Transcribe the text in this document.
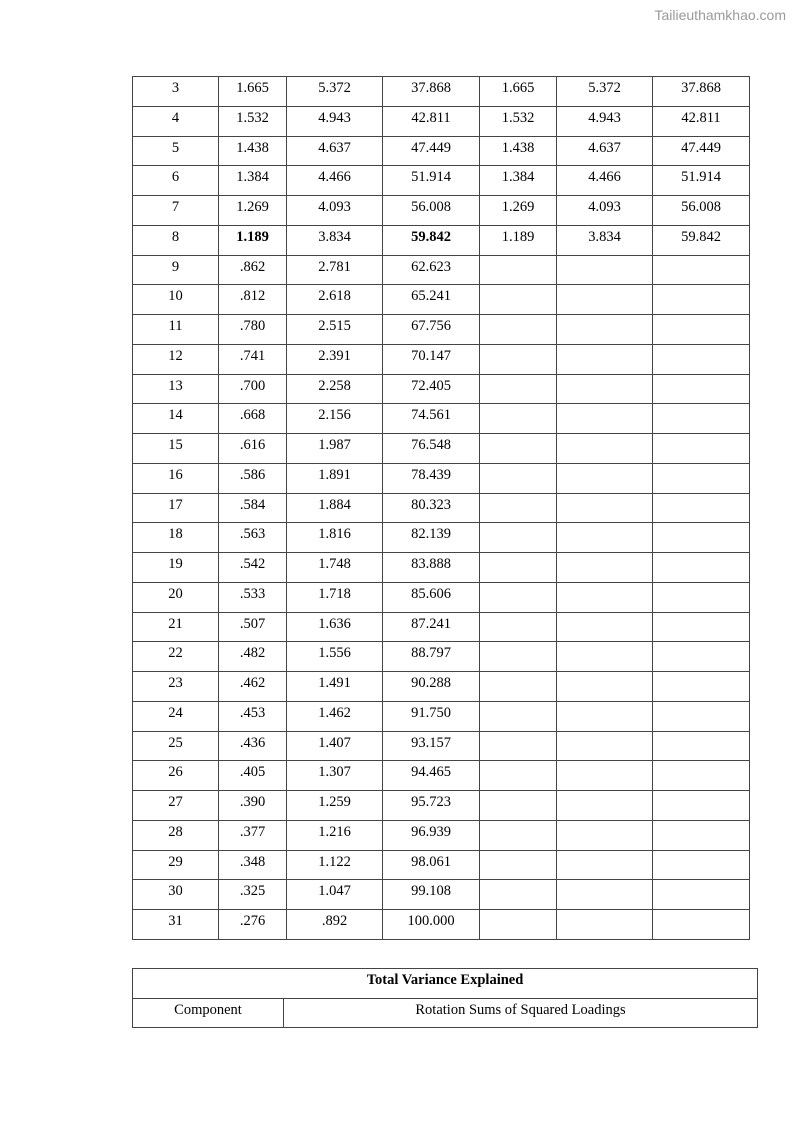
Tailieuthamkhao.com
3	1.665	5.372	37.868	1.665	5.372	37.868
4	1.532	4.943	42.811	1.532	4.943	42.811
5	1.438	4.637	47.449	1.438	4.637	47.449
6	1.384	4.466	51.914	1.384	4.466	51.914
7	1.269	4.093	56.008	1.269	4.093	56.008
8	1.189	3.834	59.842	1.189	3.834	59.842
9	.862	2.781	62.623			
10	.812	2.618	65.241			
11	.780	2.515	67.756			
12	.741	2.391	70.147			
13	.700	2.258	72.405			
14	.668	2.156	74.561			
15	.616	1.987	76.548			
16	.586	1.891	78.439			
17	.584	1.884	80.323			
18	.563	1.816	82.139			
19	.542	1.748	83.888			
20	.533	1.718	85.606			
21	.507	1.636	87.241			
22	.482	1.556	88.797			
23	.462	1.491	90.288			
24	.453	1.462	91.750			
25	.436	1.407	93.157			
26	.405	1.307	94.465			
27	.390	1.259	95.723			
28	.377	1.216	96.939			
29	.348	1.122	98.061			
30	.325	1.047	99.108			
31	.276	.892	100.000			
Total Variance Explained
Component	Rotation Sums of Squared Loadings
